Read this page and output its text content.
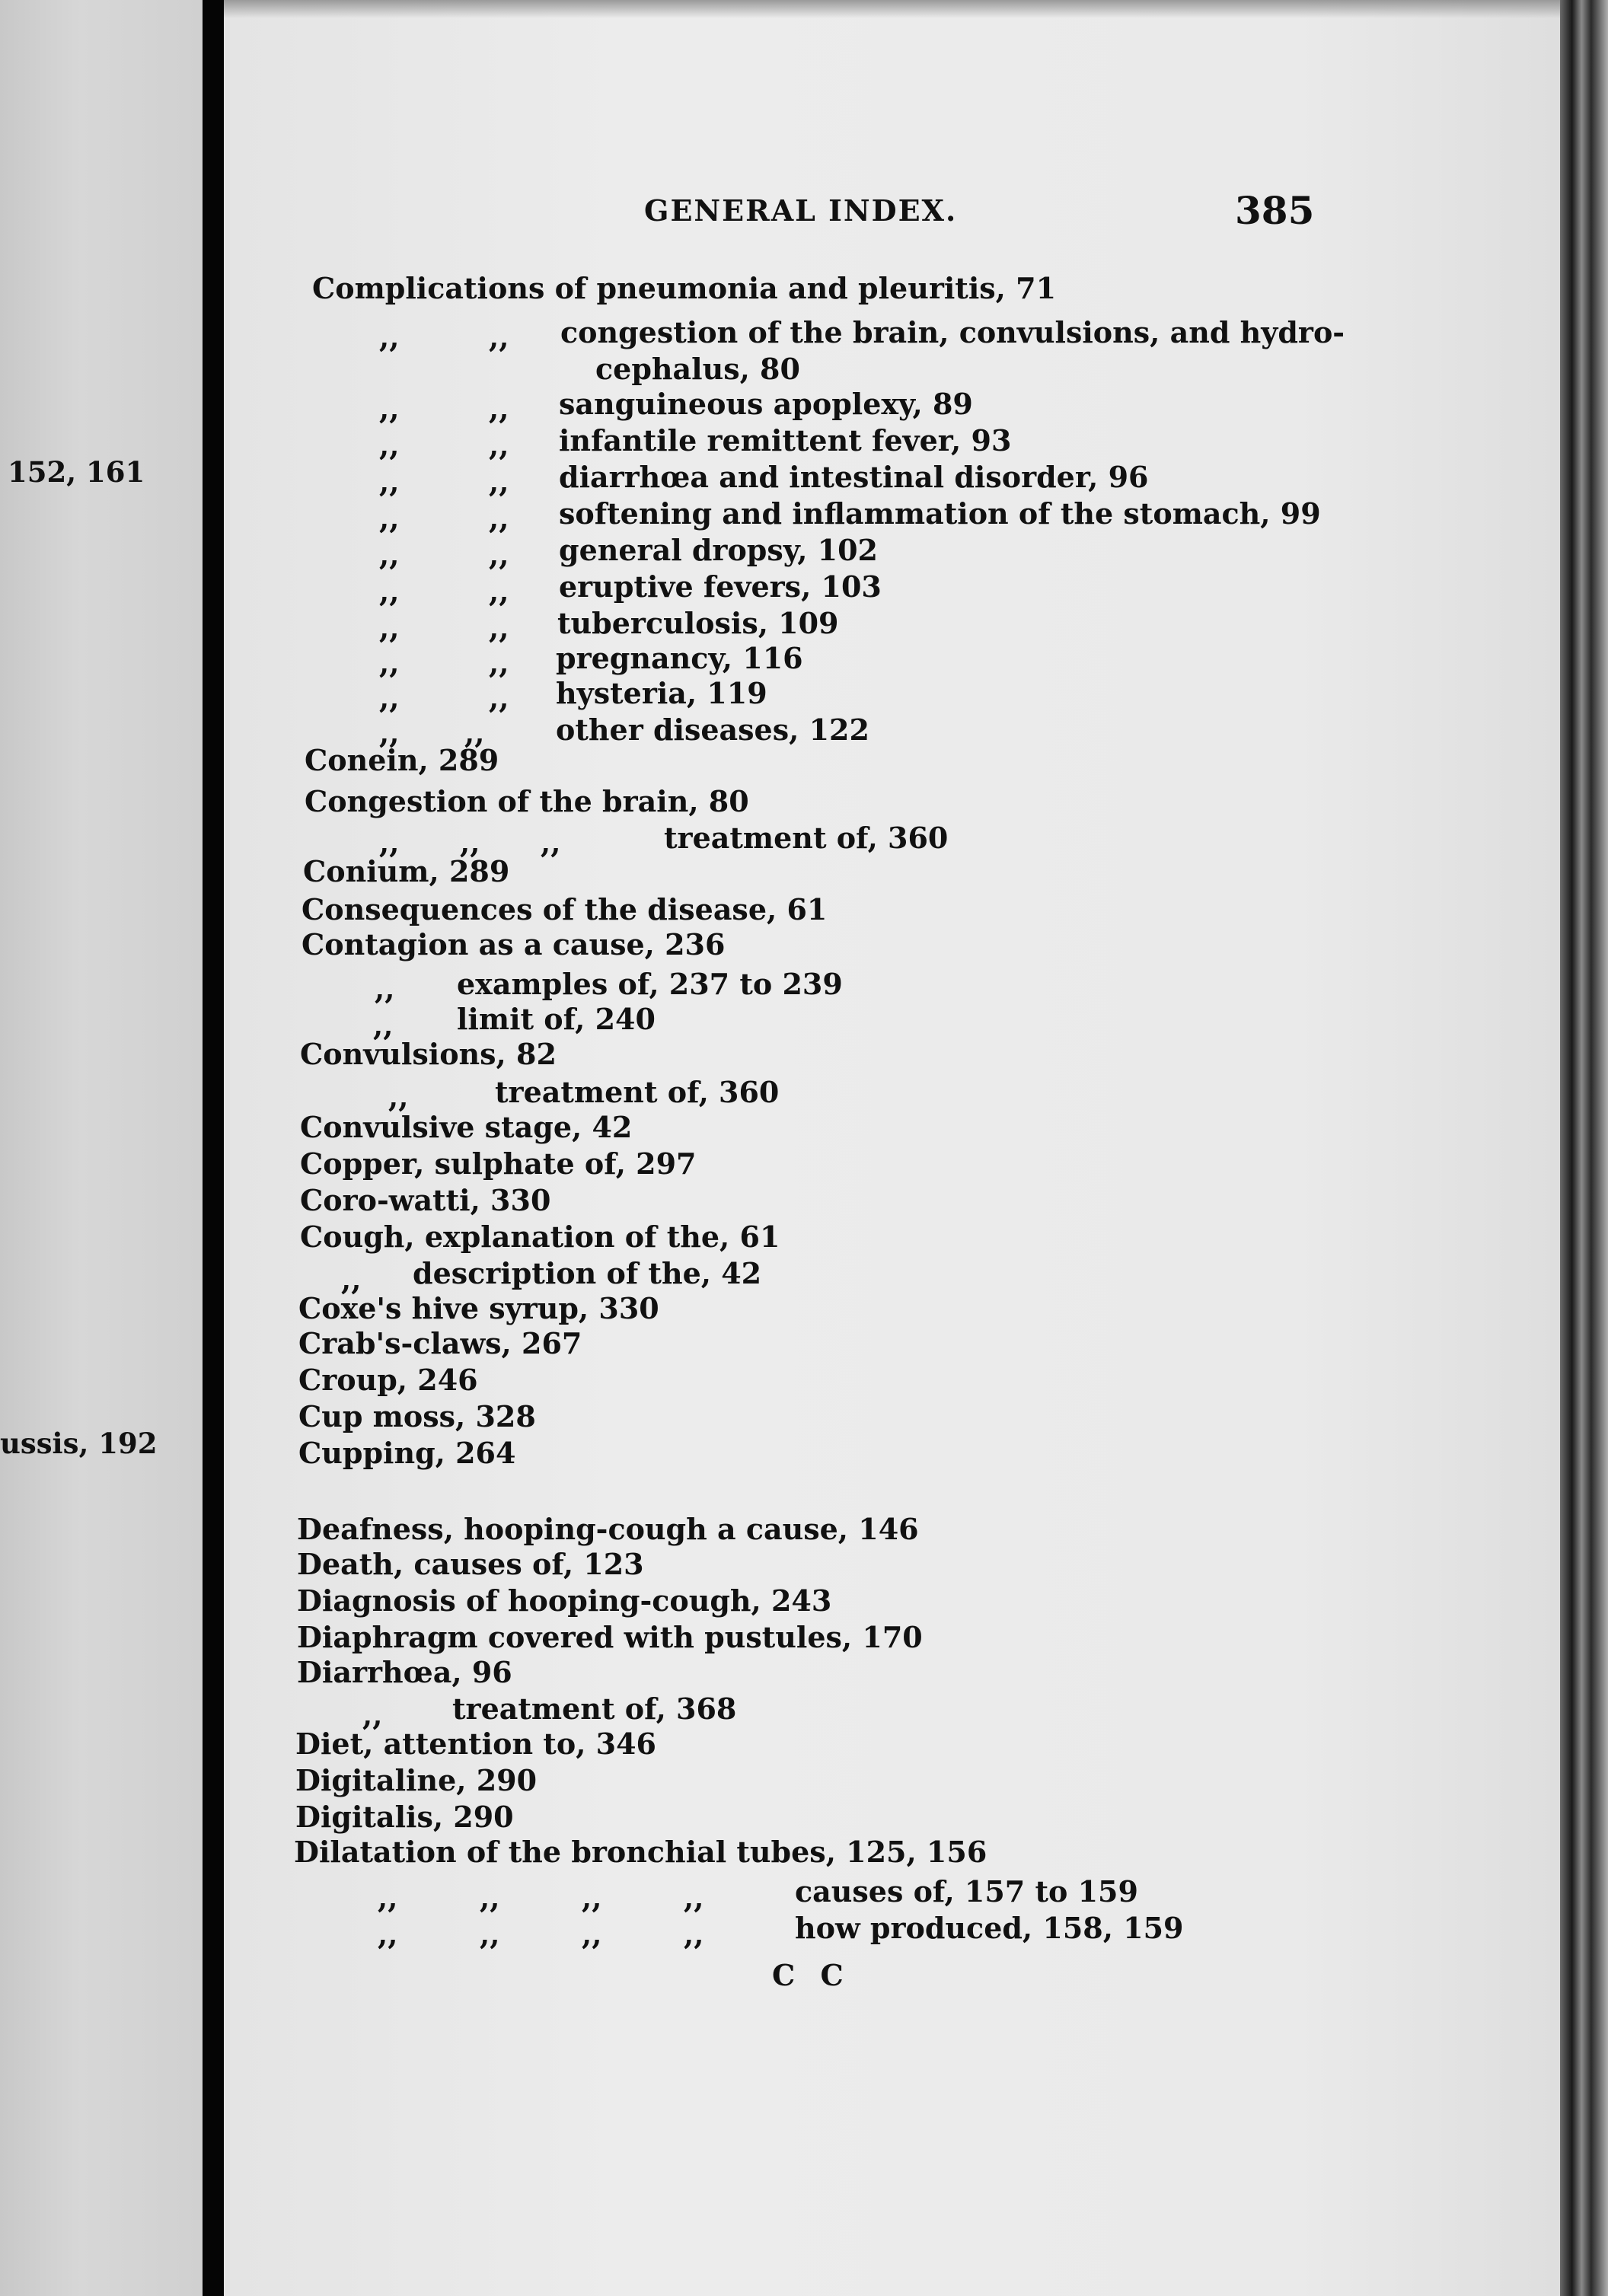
152, 161
ussis, 192
GENERAL INDEX.	385
Complications of pneumonia and pleuritis, 71
,,	,, congestion of the brain, convulsions, and hydro-
cephalus, 80
,,	,, sanguineous apoplexy, 89
,,	,, infantile remittent fever, 93
,,	,, diarrhœa and intestinal disorder, 96
,,	,, softening and inflammation of the stomach, 99
,,	,, general dropsy, 102
,,	,, eruptive fevers, 103
,,	,, tuberculosis, 109
,,	,, pregnancy, 116
,,	,, hysteria, 119
,, ,, other diseases, 122
Conein, 289
Congestion of the brain, 80
,, ,, ,,	treatment of, 360
Conium, 289
Consequences of the disease, 61
Contagion as a cause, 236
,, examples of, 237 to 239
,, limit of, 240
Convulsions, 82
,,	treatment of, 360
Convulsive stage, 42
Copper, sulphate of, 297
Coro-watti, 330
Cough, explanation of the, 61
,, description of the, 42
Coxe's hive syrup, 330
Crab's-claws, 267
Croup, 246
Cup moss, 328
Cupping, 264
Deafness, hooping-cough a cause, 146
Death, causes of, 123
Diagnosis of hooping-cough, 243
Diaphragm covered with pustules, 170
Diarrhœa, 96
,, treatment of, 368
Diet, attention to, 346
Digitaline, 290
Digitalis, 290
Dilatation of the bronchial tubes, 125, 156
,,	,,	,,	,,	causes of, 157 to 159
,,	,,	,,	,,	how produced, 158, 159
C C
